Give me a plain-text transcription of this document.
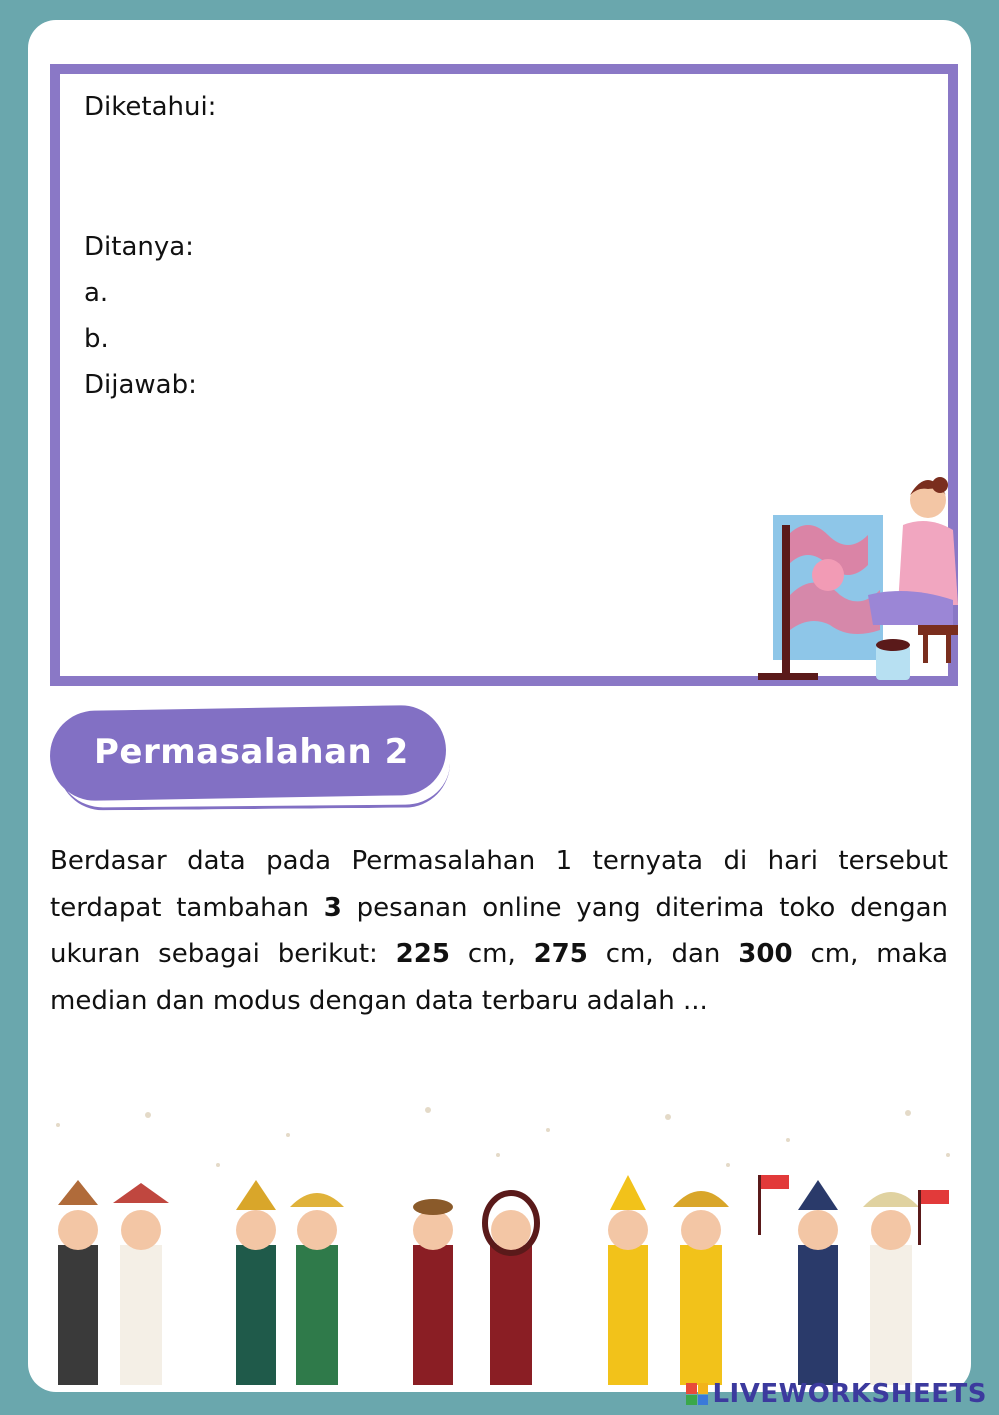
Diketahui:
Ditanya:
a.
b.
Dijawab:
Permasalahan 2
Berdasar data pada Permasalahan 1 ternyata di hari tersebut terdapat tambahan 3 pesanan online yang diterima toko dengan ukuran sebagai berikut: 225 cm, 275 cm, dan 300 cm, maka median dan modus dengan data terbaru adalah ...
LIVEWORKSHEETS
